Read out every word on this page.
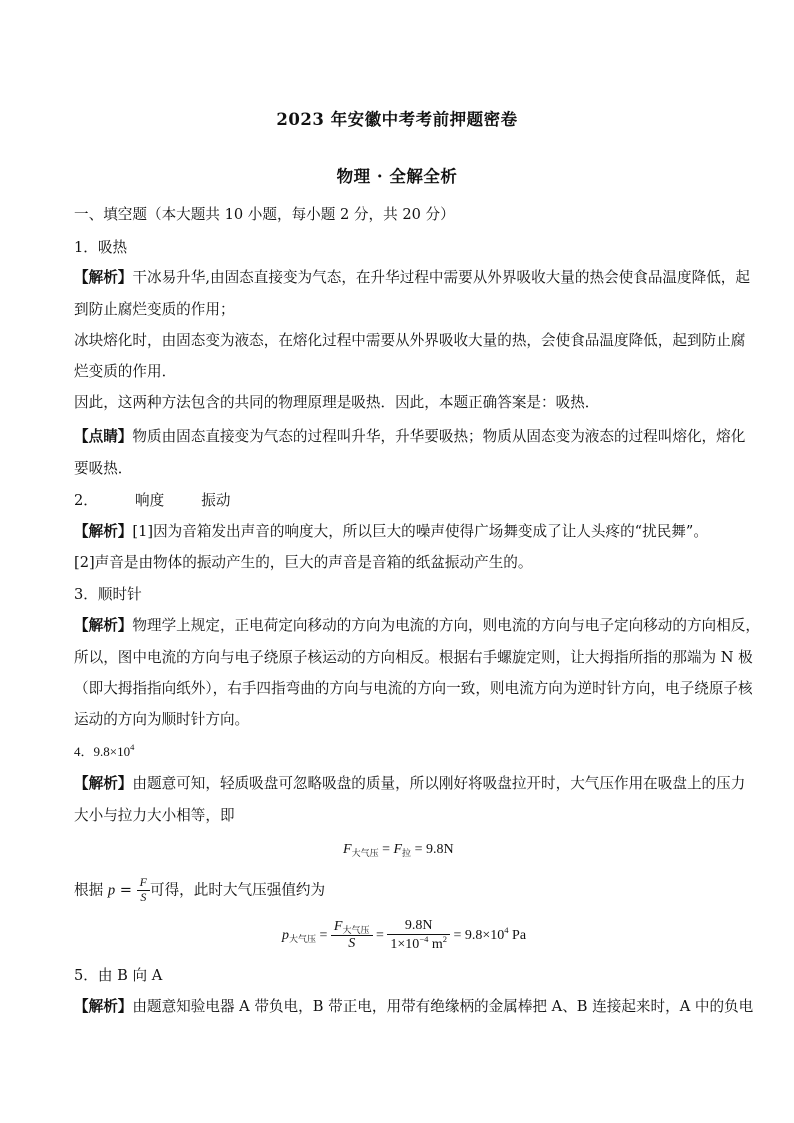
2023 年安徽中考考前押题密卷
物理 · 全解全析
一、填空题（本大题共 10 小题，每小题 2 分，共 20 分）
1．吸热
【解析】干冰易升华,由固态直接变为气态，在升华过程中需要从外界吸收大量的热会使食品温度降低，起
到防止腐烂变质的作用；
冰块熔化时，由固态变为液态，在熔化过程中需要从外界吸收大量的热，会使食品温度降低，起到防止腐
烂变质的作用．
因此，这两种方法包含的共同的物理原理是吸热．因此，本题正确答案是：吸热．
【点睛】物质由固态直接变为气态的过程叫升华，升华要吸热；物质从固态变为液态的过程叫熔化，熔化
要吸热．
2．        响度        振动
【解析】[1]因为音箱发出声音的响度大，所以巨大的噪声使得广场舞变成了让人头疼的“扰民舞”。
[2]声音是由物体的振动产生的，巨大的声音是音箱的纸盆振动产生的。
3．顺时针
【解析】物理学上规定，正电荷定向移动的方向为电流的方向，则电流的方向与电子定向移动的方向相反，
所以，图中电流的方向与电子绕原子核运动的方向相反。根据右手螺旋定则，让大拇指所指的那端为 N 极
（即大拇指指向纸外），右手四指弯曲的方向与电流的方向一致，则电流方向为逆时针方向，电子绕原子核
运动的方向为顺时针方向。
4．$9.8\times 10^4$
【解析】由题意可知，轻质吸盘可忽略吸盘的质量，所以刚好将吸盘拉开时，大气压作用在吸盘上的压力
大小与拉力大小相等，即
$F_{大气压} = F_拉 = 9.8N$
根据 $p = \frac{F}{S}$ 可得，此时大气压强值约为
$p_{大气压} = \frac{F_{大气压}}{S} = \frac{9.8N}{1\times 10^{-4} m^2} = 9.8\times 10^4$ Pa
5．由 B 向 A
【解析】由题意知验电器 A 带负电，B 带正电，用带有绝缘柄的金属棒把 A、B 连接起来时，A 中的负电
